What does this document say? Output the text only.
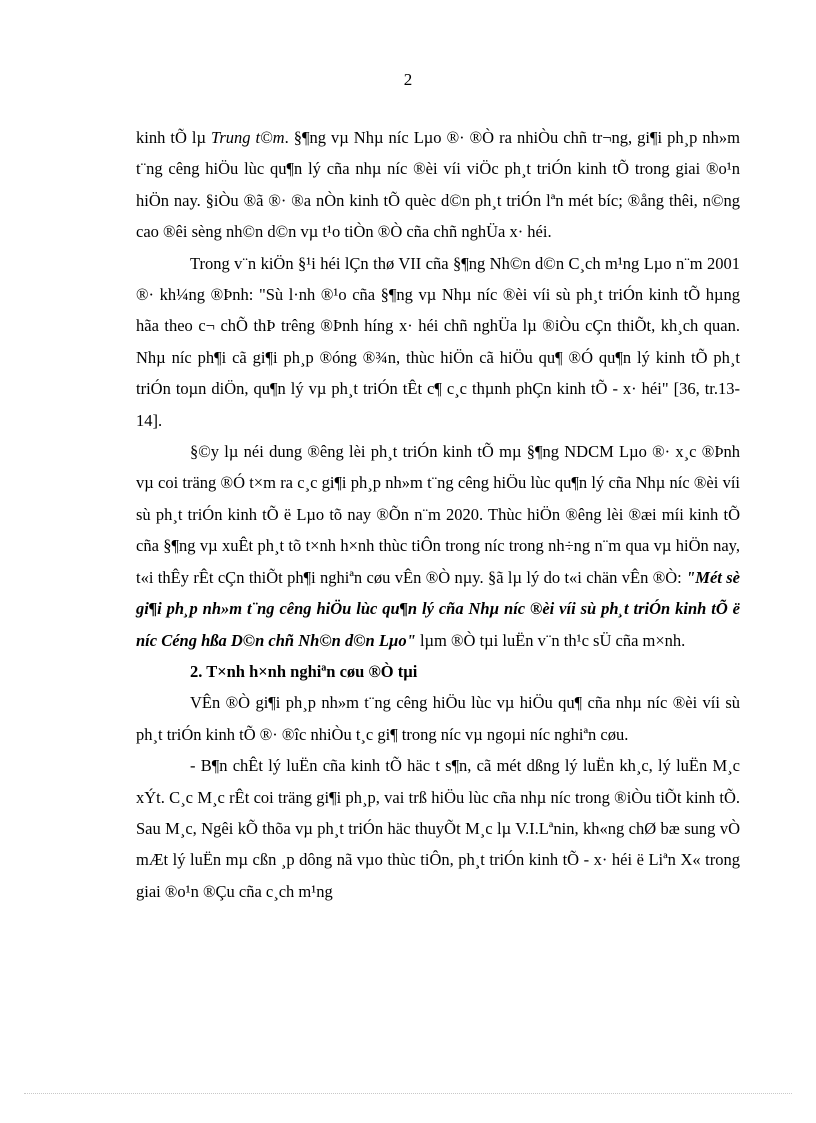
2

kinh tÕ lµ Trung t©m. §¶ng vµ Nhµ níc Lµo ®· ®Ò ra nhiÒu chñ tr¬ng, gi¶i ph¸p nh»m t¨ng cêng hiÖu lùc qu¶n lý cña nhµ níc ®èi víi viÖc ph¸t triÓn kinh tÕ trong giai ®o¹n hiÖn nay. §iÒu ®ã ®· ®a nÒn kinh tÕ quèc d©n ph¸t triÓn lªn mét bíc; ®ång thêi, n©ng cao ®êi sèng nh©n d©n vµ t¹o tiÒn ®Ò cña chñ nghÜa x· héi.

Trong v¨n kiÖn §¹i héi lÇn thø VII cña §¶ng Nh©n d©n C¸ch m¹ng Lµo n¨m 2001 ®· kh¼ng ®Þnh: "Sù l·nh ®¹o cña §¶ng vµ Nhµ níc ®èi víi sù ph¸t triÓn kinh tÕ hµng hãa theo c¬ chÕ thÞ trêng ®Þnh híng x· héi chñ nghÜa lµ ®iÒu cÇn thiÕt, kh¸ch quan. Nhµ níc ph¶i cã gi¶i ph¸p ®óng ®¾n, thùc hiÖn cã hiÖu qu¶ ®Ó qu¶n lý kinh tÕ ph¸t triÓn toµn diÖn, qu¶n lý vµ ph¸t triÓn tÊt c¶ c¸c thµnh phÇn kinh tÕ - x· héi" [36, tr.13-14].

§©y lµ néi dung ®êng lèi ph¸t triÓn kinh tÕ mµ §¶ng NDCM Lµo ®· x¸c ®Þnh vµ coi träng ®Ó t×m ra c¸c gi¶i ph¸p nh»m t¨ng cêng hiÖu lùc qu¶n lý cña Nhµ níc ®èi víi sù ph¸t triÓn kinh tÕ ë Lµo tõ nay ®Õn n¨m 2020. Thùc hiÖn ®êng lèi ®æi míi kinh tÕ cña §¶ng vµ xuÊt ph¸t tõ t×nh h×nh thùc tiÔn trong níc trong nh÷ng n¨m qua vµ hiÖn nay, t«i thÊy rÊt cÇn thiÕt ph¶i nghiªn cøu vÊn ®Ò nµy. §ã lµ lý do t«i chän vÊn ®Ò: "Mét sè gi¶i ph¸p nh»m t¨ng cêng hiÖu lùc qu¶n lý cña Nhµ níc ®èi víi sù ph¸t triÓn kinh tÕ ë níc Céng hßa D©n chñ Nh©n d©n Lµo" lµm ®Ò tµi luËn v¨n th¹c sÜ cña m×nh.

2. T×nh h×nh nghiªn cøu ®Ò tµi

VÊn ®Ò gi¶i ph¸p nh»m t¨ng cêng hiÖu lùc vµ hiÖu qu¶ cña nhµ níc ®èi víi sù ph¸t triÓn kinh tÕ ®· ®îc nhiÒu t¸c gi¶ trong níc vµ ngoµi níc nghiªn cøu.

- B¶n chÊt lý luËn cña kinh tÕ häc t s¶n, cã mét dßng lý luËn kh¸c, lý luËn M¸c xÝt. C¸c M¸c rÊt coi träng gi¶i ph¸p, vai trß hiÖu lùc cña nhµ níc trong ®iÒu tiÕt kinh tÕ. Sau M¸c, Ngêi kÕ thõa vµ ph¸t triÓn häc thuyÕt M¸c lµ V.I.Lªnin, kh«ng chØ bæ sung vÒ mÆt lý luËn mµ cßn ¸p dông nã vµo thùc tiÔn, ph¸t triÓn kinh tÕ - x· héi ë Liªn X« trong giai ®o¹n ®Çu cña c¸ch m¹ng
